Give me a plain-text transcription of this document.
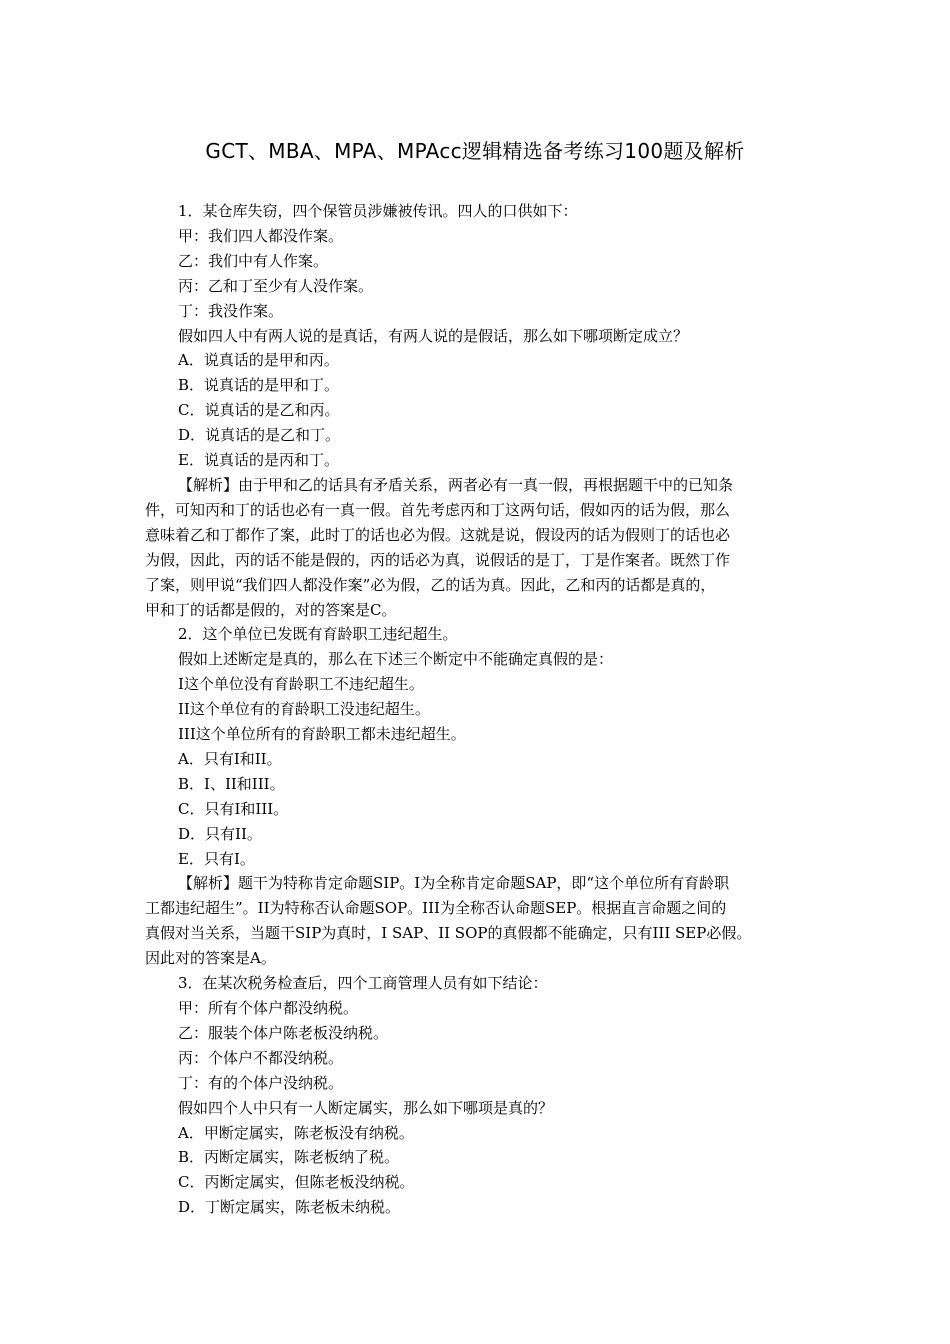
GCT、MBA、MPA、MPAcc逻辑精选备考练习100题及解析
1．某仓库失窃，四个保管员涉嫌被传讯。四人的口供如下：
甲：我们四人都没作案。
乙：我们中有人作案。
丙：乙和丁至少有人没作案。
丁：我没作案。
假如四人中有两人说的是真话，有两人说的是假话，那么如下哪项断定成立？
A．说真话的是甲和丙。
B．说真话的是甲和丁。
C．说真话的是乙和丙。
D．说真话的是乙和丁。
E．说真话的是丙和丁。
【解析】由于甲和乙的话具有矛盾关系，两者必有一真一假，再根据题干中的已知条
件，可知丙和丁的话也必有一真一假。首先考虑丙和丁这两句话，假如丙的话为假，那么
意味着乙和丁都作了案，此时丁的话也必为假。这就是说，假设丙的话为假则丁的话也必
为假，因此，丙的话不能是假的，丙的话必为真，说假话的是丁，丁是作案者。既然丁作
了案，则甲说“我们四人都没作案”必为假，乙的话为真。因此，乙和丙的话都是真的，
甲和丁的话都是假的，对的答案是C。
2．这个单位已发既有育龄职工违纪超生。
假如上述断定是真的，那么在下述三个断定中不能确定真假的是：
I这个单位没有育龄职工不违纪超生。
II这个单位有的育龄职工没违纪超生。
III这个单位所有的育龄职工都未违纪超生。
A．只有I和II。
B．I、II和III。
C．只有I和III。
D．只有II。
E．只有I。
【解析】题干为特称肯定命题SIP。I为全称肯定命题SAP，即“这个单位所有育龄职
工都违纪超生”。II为特称否认命题SOP。III为全称否认命题SEP。根据直言命题之间的
真假对当关系，当题干SIP为真时，I SAP、II SOP的真假都不能确定，只有III SEP必假。
因此对的答案是A。
3．在某次税务检查后，四个工商管理人员有如下结论：
甲：所有个体户都没纳税。
乙：服装个体户陈老板没纳税。
丙：个体户不都没纳税。
丁：有的个体户没纳税。
假如四个人中只有一人断定属实，那么如下哪项是真的？
A．甲断定属实，陈老板没有纳税。
B．丙断定属实，陈老板纳了税。
C．丙断定属实，但陈老板没纳税。
D．丁断定属实，陈老板未纳税。
